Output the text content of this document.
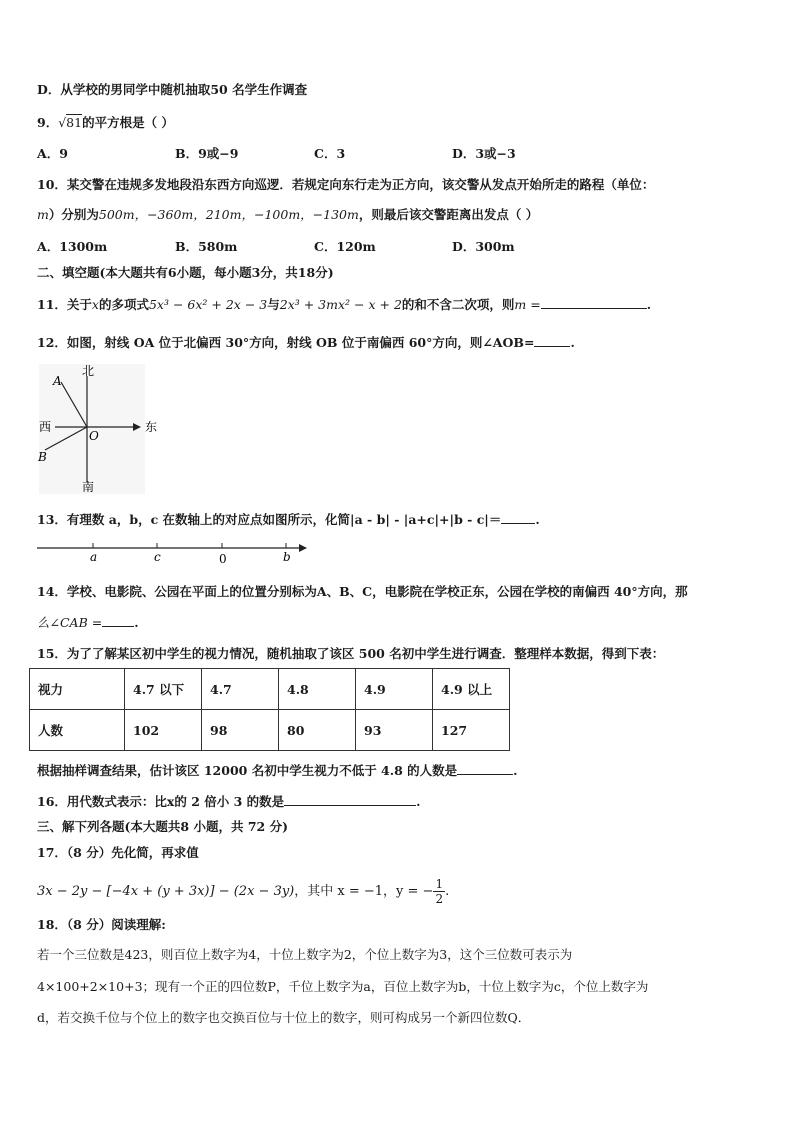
D．从学校的男同学中随机抽取50 名学生作调查
9．√81的平方根是（ ）
A．9	B．9或−9	C．3	D．3或−3
10．某交警在违规多发地段沿东西方向巡逻．若规定向东行走为正方向，该交警从发点开始所走的路程（单位：
m）分别为500m，−360m，210m，−100m，−130m，则最后该交警距离出发点（ ）
A．1300m	B．580m	C．120m	D．300m
二、填空题(本大题共有6小题，每小题3分，共18分)
11．关于x的多项式5x³ − 6x² + 2x − 3与2x³ + 3mx² − x + 2的和不含二次项，则m =	.
12．如图，射线 OA 位于北偏西 30°方向，射线 OB 位于南偏西 60°方向，则∠AOB=	.
北
南
西	东
A
B
O
13．有理数 a，b，c 在数轴上的对应点如图所示，化简|a - b| - |a+c|+|b - c|＝	.
a	c	0	b
14．学校、电影院、公园在平面上的位置分别标为A、B、C，电影院在学校正东，公园在学校的南偏西 40°方向，那
么∠CAB =	.
15．为了了解某区初中学生的视力情况，随机抽取了该区 500 名初中学生进行调查．整理样本数据，得到下表：
视力	4.7 以下	4.7	4.8	4.9	4.9 以上
人数	102	98	80	93	127
根据抽样调查结果，估计该区 12000 名初中学生视力不低于 4.8 的人数是	.
16．用代数式表示：比x的 2 倍小 3 的数是	.
三、解下列各题(本大题共8 小题，共 72 分)
17．（8 分）先化简，再求值
3x − 2y − [−4x + (y + 3x)] − (2x − 3y)，其中 x = −1，y = − $\frac{1}{2}$ .
18．（8 分）阅读理解:
若一个三位数是423，则百位上数字为4，十位上数字为2，个位上数字为3，这个三位数可表示为
4×100+2×10+3；现有一个正的四位数P，千位上数字为a，百位上数字为b，十位上数字为c，个位上数字为
d，若交换千位与个位上的数字也交换百位与十位上的数字，则可构成另一个新四位数Q．
